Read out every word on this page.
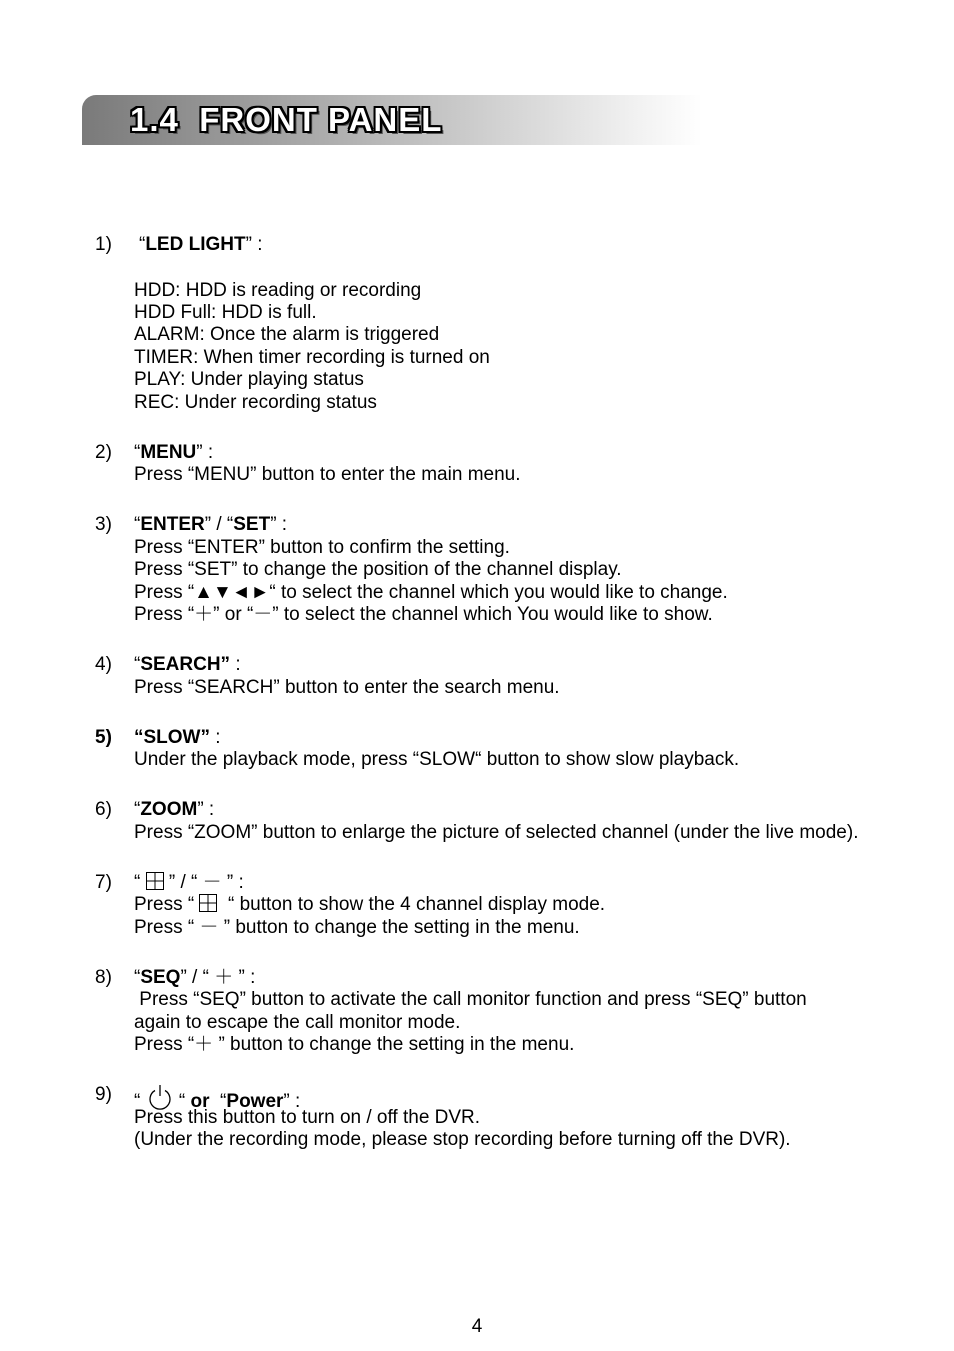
1.4  FRONT PANEL
1) “LED LIGHT” :
HDD: HDD is reading or recording
HDD Full: HDD is full.
ALARM: Once the alarm is triggered
TIMER: When timer recording is turned on
PLAY: Under playing status
REC: Under recording status
2) “MENU” :
Press “MENU” button to enter the main menu.
3) “ENTER” / “SET” :
Press “ENTER” button to confirm the setting.
Press “SET” to change the position of the channel display.
Press “▲▼◄►“ to select the channel which you would like to change.
Press “＋” or “－” to select the channel which You would like to show.
4) “SEARCH” :
Press “SEARCH” button to enter the search menu.
5) “SLOW” :
Under the playback mode, press “SLOW“ button to show slow playback.
6) “ZOOM” :
Press “ZOOM” button to enlarge the picture of selected channel (under the live mode).
7) “  ” / “ － ” :
Press “   “ button to show the 4 channel display mode.
Press “ － ” button to change the setting in the menu.
8) “SEQ” / “ ＋ ” :
Press “SEQ” button to activate the call monitor function and press “SEQ” button
again to escape the call monitor mode.
Press “＋ ” button to change the setting in the menu.
9) “  “ or  “Power” :
Press this button to turn on / off the DVR.
(Under the recording mode, please stop recording before turning off the DVR).
4
